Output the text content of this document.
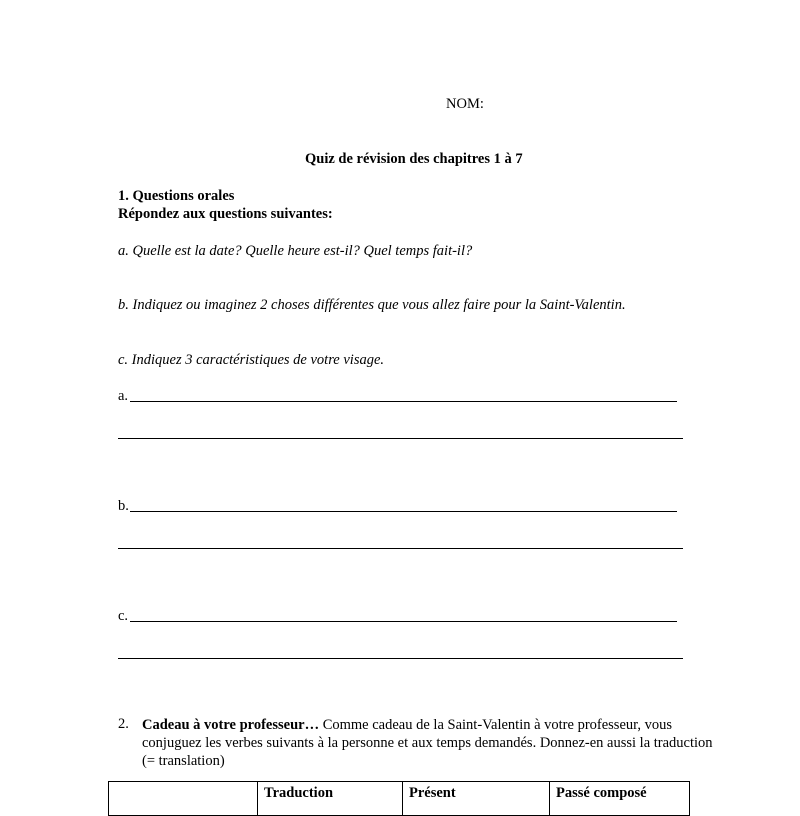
NOM:
Quiz de révision des chapitres 1 à 7
1. Questions orales
Répondez aux questions suivantes:
a. Quelle est la date? Quelle heure est-il? Quel temps fait-il?
b. Indiquez ou imaginez 2 choses différentes que vous allez faire pour la Saint-Valentin.
c. Indiquez 3 caractéristiques de votre visage.
a.
b.
c.
2. Cadeau à votre professeur… Comme cadeau de la Saint-Valentin à votre professeur, vous conjuguez les verbes suivants à la personne et aux temps demandés. Donnez-en aussi la traduction (= translation)
	Traduction	Présent	Passé composé
